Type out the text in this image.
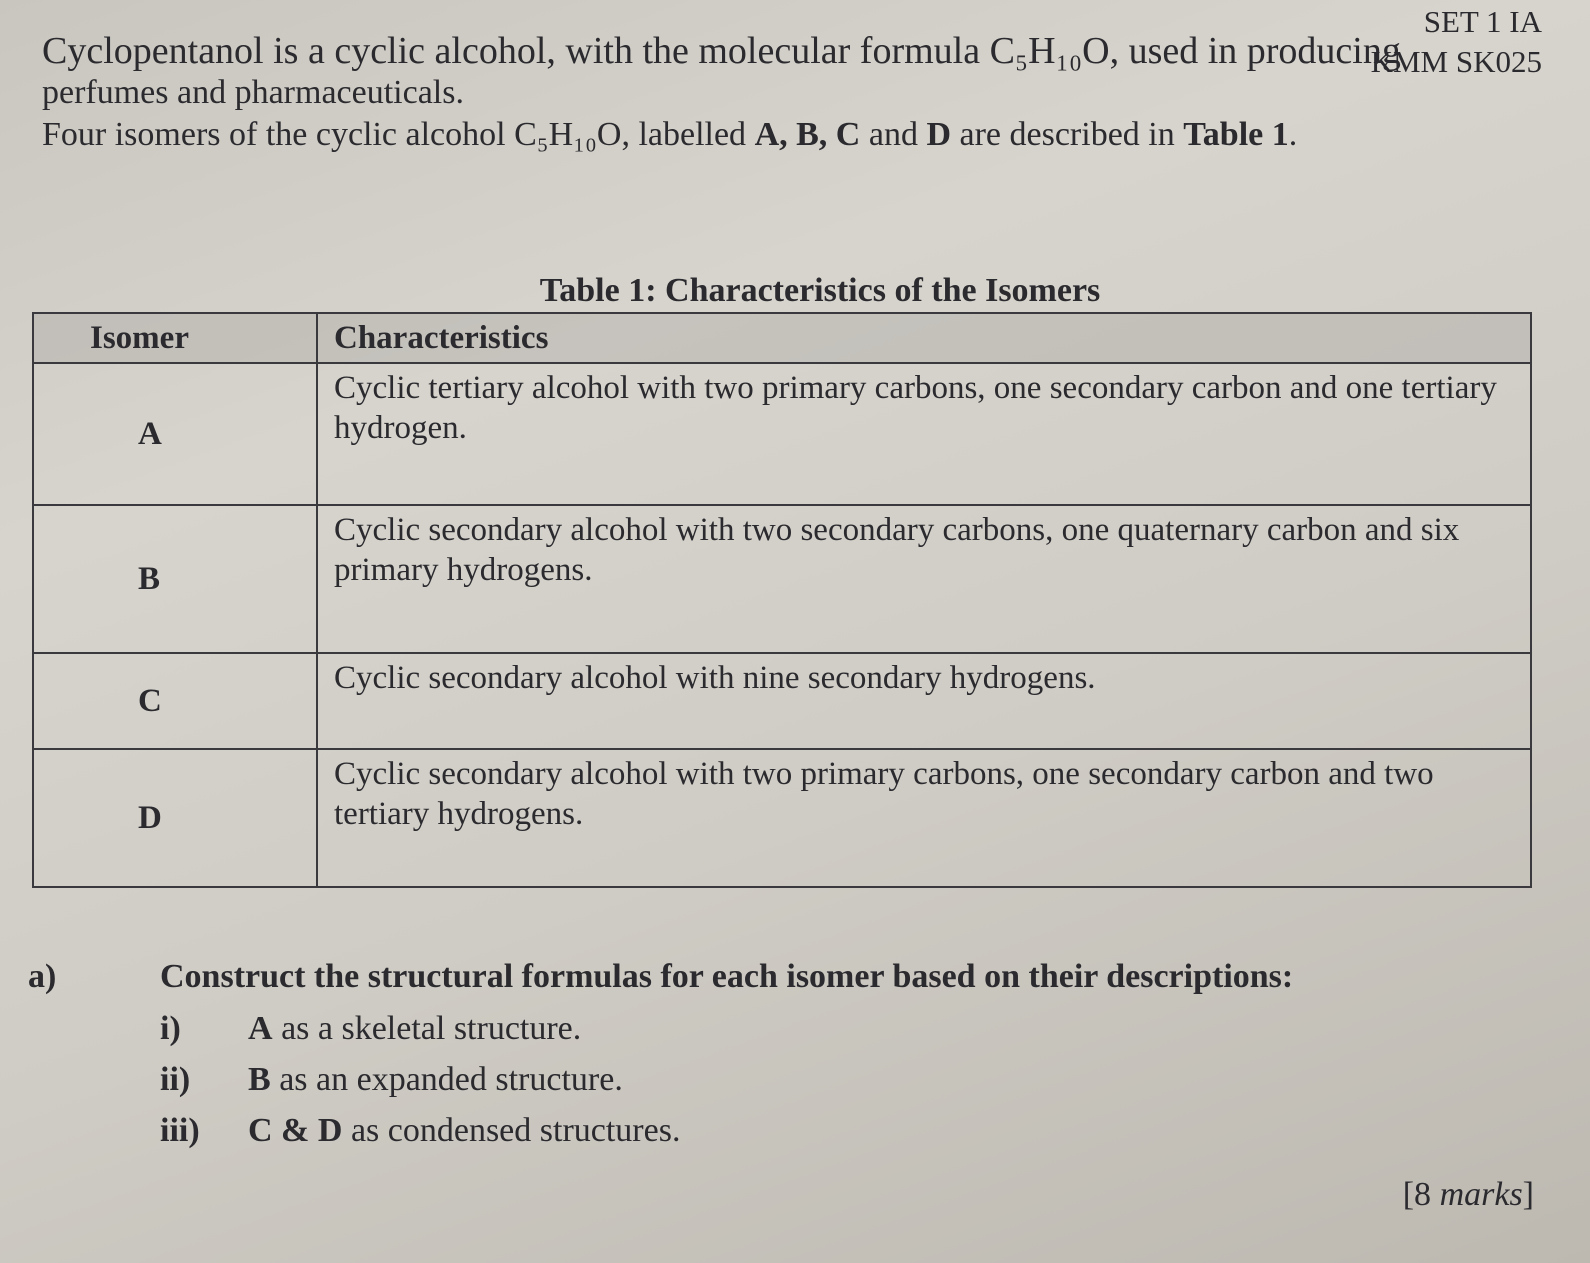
SET 1 IA
KMM SK025

Cyclopentanol is a cyclic alcohol, with the molecular formula C₅H₁₀O, used in producing

perfumes and pharmaceuticals.

Four isomers of the cyclic alcohol C₅H₁₀O, labelled A, B, C and D are described in Table 1.

Table 1: Characteristics of the Isomers
Isomer	Characteristics
A	Cyclic tertiary alcohol with two primary carbons, one secondary carbon and one tertiary hydrogen.
B	Cyclic secondary alcohol with two secondary carbons, one quaternary carbon and six primary hydrogens.
C	Cyclic secondary alcohol with nine secondary hydrogens.
D	Cyclic secondary alcohol with two primary carbons, one secondary carbon and two tertiary hydrogens.
a)	Construct the structural formulas for each isomer based on their descriptions:
i) A as a skeletal structure.
ii) B as an expanded structure.
iii) C & D as condensed structures.
[8 marks]
